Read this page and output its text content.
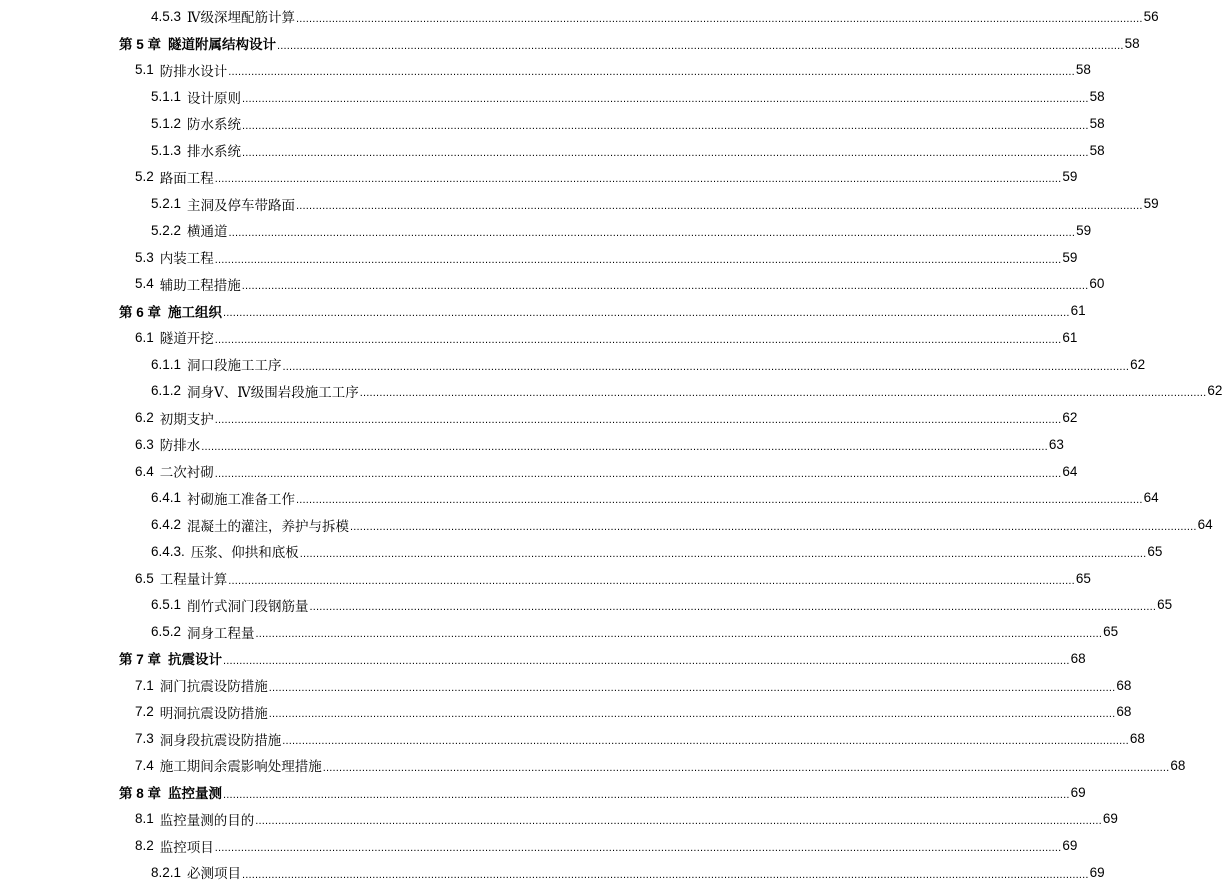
4.5.3 Ⅳ级深埋配筋计算 .................................................................................................................................................................................................................................................................... 56
第 5 章 隧道附属结构设计 .................................................................................................................................................................................................................................................................... 58
5.1 防排水设计 .................................................................................................................................................................................................................................................................... 58
5.1.1 设计原则 .................................................................................................................................................................................................................................................................... 58
5.1.2 防水系统 .................................................................................................................................................................................................................................................................... 58
5.1.3 排水系统 .................................................................................................................................................................................................................................................................... 58
5.2 路面工程 .................................................................................................................................................................................................................................................................... 59
5.2.1 主洞及停车带路面 .................................................................................................................................................................................................................................................................... 59
5.2.2 横通道 .................................................................................................................................................................................................................................................................... 59
5.3 内装工程 .................................................................................................................................................................................................................................................................... 59
5.4 辅助工程措施 .................................................................................................................................................................................................................................................................... 60
第 6 章 施工组织 .................................................................................................................................................................................................................................................................... 61
6.1 隧道开挖 .................................................................................................................................................................................................................................................................... 61
6.1.1 洞口段施工工序 .................................................................................................................................................................................................................................................................... 62
6.1.2 洞身Ⅴ、Ⅳ级围岩段施工工序 .................................................................................................................................................................................................................................................................... 62
6.2 初期支护 .................................................................................................................................................................................................................................................................... 62
6.3 防排水 .................................................................................................................................................................................................................................................................... 63
6.4 二次衬砌 .................................................................................................................................................................................................................................................................... 64
6.4.1 衬砌施工准备工作 .................................................................................................................................................................................................................................................................... 64
6.4.2 混凝土的灌注，养护与拆模 .................................................................................................................................................................................................................................................................... 64
6.4.3. 压浆、仰拱和底板 .................................................................................................................................................................................................................................................................... 65
6.5 工程量计算 .................................................................................................................................................................................................................................................................... 65
6.5.1 削竹式洞门段钢筋量 .................................................................................................................................................................................................................................................................... 65
6.5.2 洞身工程量 .................................................................................................................................................................................................................................................................... 65
第 7 章 抗震设计 .................................................................................................................................................................................................................................................................... 68
7.1 洞门抗震设防措施 .................................................................................................................................................................................................................................................................... 68
7.2 明洞抗震设防措施 .................................................................................................................................................................................................................................................................... 68
7.3 洞身段抗震设防措施 .................................................................................................................................................................................................................................................................... 68
7.4 施工期间余震影响处理措施 .................................................................................................................................................................................................................................................................... 68
第 8 章 监控量测 .................................................................................................................................................................................................................................................................... 69
8.1 监控量测的目的 .................................................................................................................................................................................................................................................................... 69
8.2 监控项目 .................................................................................................................................................................................................................................................................... 69
8.2.1 必测项目 .................................................................................................................................................................................................................................................................... 69
